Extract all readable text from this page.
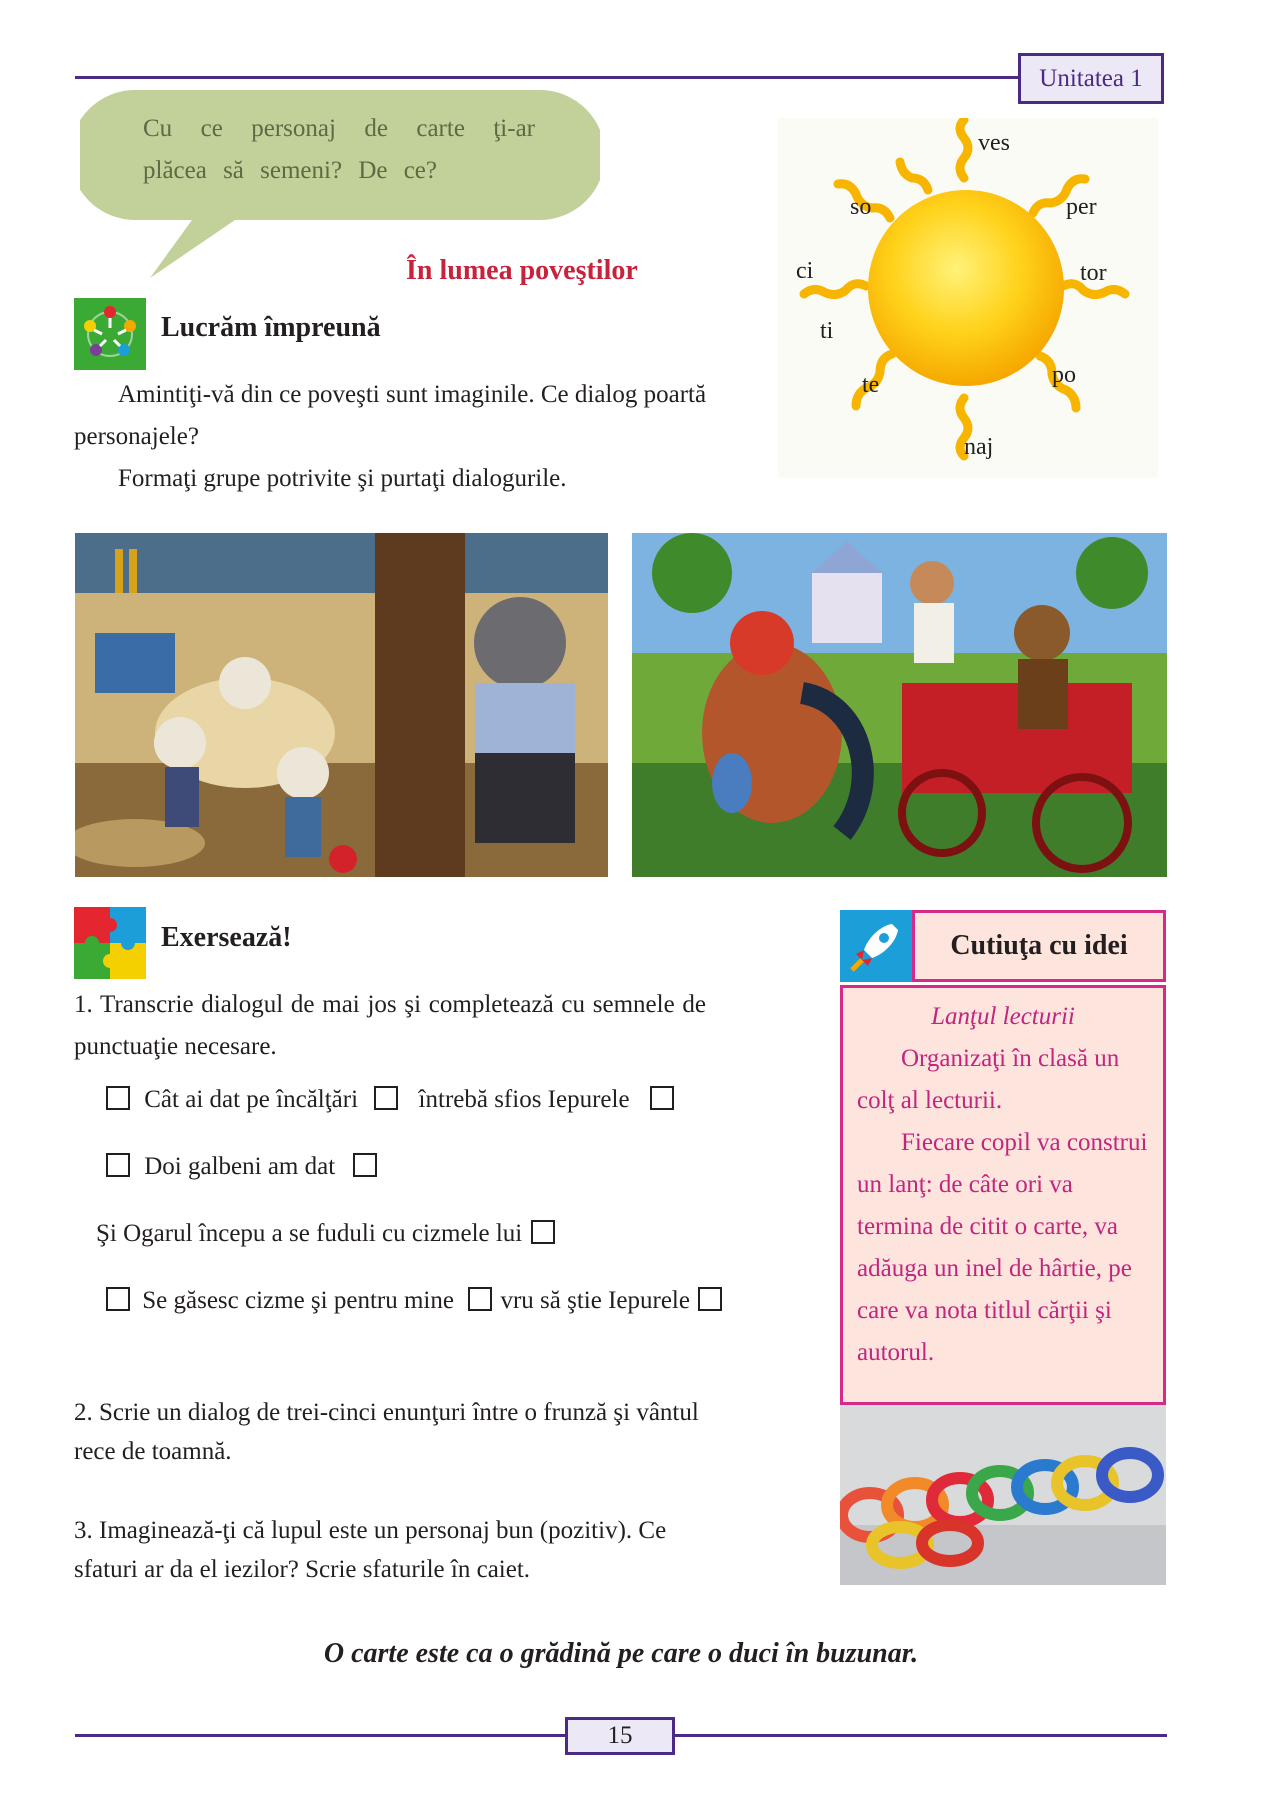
Unitatea 1
Cu ce personaj de carte ţi-ar plăcea să semeni? De ce?
În lumea poveştilor
Lucrăm împreună

Amintiţi-vă din ce poveşti sunt imaginile. Ce dialog poartă personajele?

Formaţi grupe potrivite şi purtaţi dialogurile.

ves
per
tor
po
naj
te
ti
ci
so
Exersează!

1. Transcrie dialogul de mai jos şi completează cu semnele de punctuaţie necesare.

Cât ai dat pe încălţări întrebă sfios Iepurele
Doi galbeni am dat
Şi Ogarul începu a se fuduli cu cizmele lui
Se găsesc cizme şi pentru mine vru să ştie Iepurele

2. Scrie un dialog de trei-cinci enunţuri între o frunză şi vântul rece de toamnă.

3. Imaginează-ţi că lupul este un personaj bun (pozitiv). Ce sfaturi ar da el iezilor? Scrie sfaturile în caiet.

Cutiuţa cu idei
Lanţul lecturii
Organizaţi în clasă un colţ al lecturii.
Fiecare copil va construi un lanţ: de câte ori va termina de citit o carte, va adăuga un inel de hârtie, pe care va nota titlul cărţii şi autorul.
O carte este ca o grădină pe care o duci în buzunar.
15
